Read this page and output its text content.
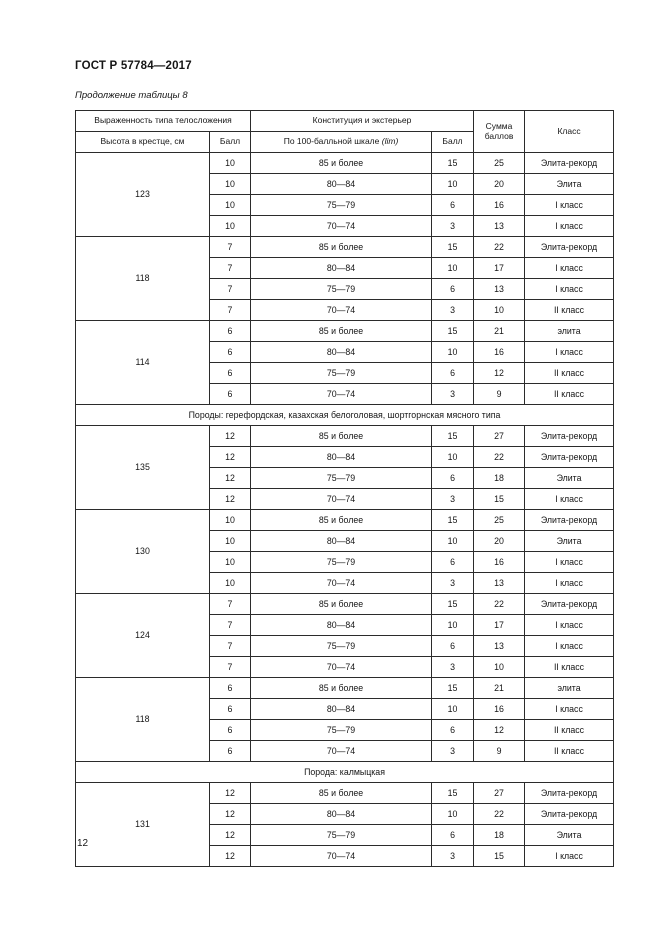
ГОСТ Р 57784—2017
Продолжение таблицы 8
Выраженность типа телосложения		Конституция и экстерьер		Сумма баллов	Класс
Высота в крестце, см	Балл	По 100-балльной шкале (lim)	Балл		
123	10	85 и более	15	25	Элита-рекорд
	10	80—84	10	20	Элита
	10	75—79	6	16	I класс
	10	70—74	3	13	I класс
118	7	85 и более	15	22	Элита-рекорд
	7	80—84	10	17	I класс
	7	75—79	6	13	I класс
	7	70—74	3	10	II класс
114	6	85 и более	15	21	элита
	6	80—84	10	16	I класс
	6	75—79	6	12	II класс
	6	70—74	3	9	II класс
Породы: герефордская, казахская белоголовая, шортгорнская мясного типа					
135	12	85 и более	15	27	Элита-рекорд
	12	80—84	10	22	Элита-рекорд
	12	75—79	6	18	Элита
	12	70—74	3	15	I класс
130	10	85 и более	15	25	Элита-рекорд
	10	80—84	10	20	Элита
	10	75—79	6	16	I класс
	10	70—74	3	13	I класс
124	7	85 и более	15	22	Элита-рекорд
	7	80—84	10	17	I класс
	7	75—79	6	13	I класс
	7	70—74	3	10	II класс
118	6	85 и более	15	21	элита
	6	80—84	10	16	I класс
	6	75—79	6	12	II класс
	6	70—74	3	9	II класс
Порода: калмыцкая					
131	12	85 и более	15	27	Элита-рекорд
	12	80—84	10	22	Элита-рекорд
	12	75—79	6	18	Элита
	12	70—74	3	15	I класс
12
